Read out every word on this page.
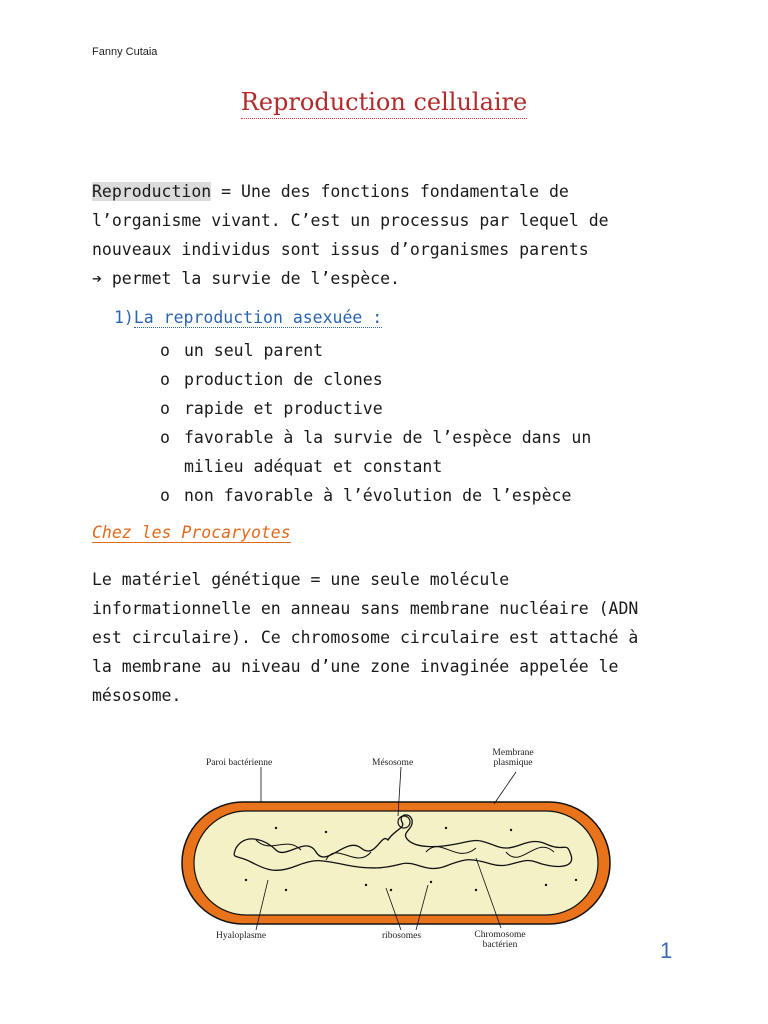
Fanny Cutaia
Reproduction cellulaire
Reproduction = Une des fonctions fondamentale de
l’organisme vivant. C’est un processus par lequel de
nouveaux individus sont issus d’organismes parents
➔ permet la survie de l’espèce.
1)La reproduction asexuée :
o un seul parent
o production de clones
o rapide et productive
o favorable à la survie de l’espèce dans un milieu adéquat et constant
o non favorable à l’évolution de l’espèce
Chez les Procaryotes
Le matériel génétique = une seule molécule
informationnelle en anneau sans membrane nucléaire (ADN
est circulaire). Ce chromosome circulaire est attaché à
la membrane au niveau d’une zone invaginée appelée le
mésosome.
Paroi bactérienne	Mésosome
Membrane
plasmique
Hyaloplasme	ribosomes	Chromosome
bactérien	1
